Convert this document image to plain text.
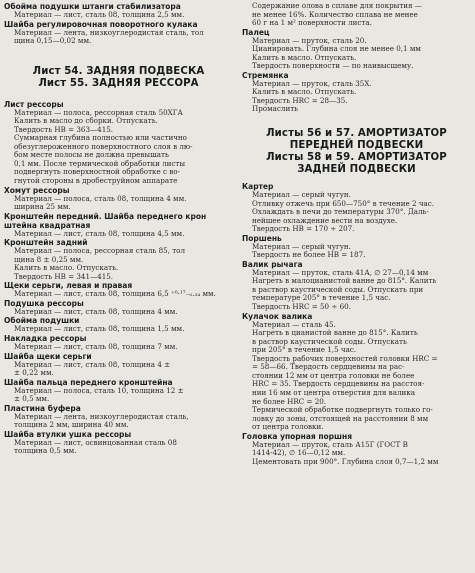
Обойма подушки штанги стабилизатора
Материал — лист, сталь 08, толщина 2,5 мм.
Шайба регулировочная поворотного кулака
Материал — лента, низкоуглеродистая сталь, тол
щина 0,15—0,02 мм.
Лист 54. ЗАДНЯЯ ПОДВЕСКА
Лист 55. ЗАДНЯЯ РЕССОРА
Лист рессоры
Материал — полоса, рессорная сталь 50ХГА
Калить в масло до сборки. Отпускать.
Твердость HB = 363—415.
Суммарная глубина полностью или частично
обезуглероженного поверхностного слоя в лю-
бом месте полосы не должна превышать
0,1 мм. После термической обработки листы
подвергнуть поверхностной обработке с во-
гнутой стороны в дробеструйном аппарате
Хомут рессоры
Материал — полоса, сталь 08, толщина 4 мм.
ширина 25 мм.
Кронштейн передний. Шайба переднего крон
штейна квадратная
Материал — лист, сталь 08, толщина 4,5 мм.
Кронштейн задний
Материал — полоса, рессорная сталь 85, тол
щина 8 ± 0,25 мм.
Калить в масло. Отпускать.
Твердость HB = 341—415.
Щеки серьги, левая и правая
Материал — лист, сталь 08, толщина 6,5 ⁺⁰·¹⁷₋₀.₃₄ мм.
Подушка рессоры
Материал — лист, сталь 08, толщина 4 мм.
Обойма подушки
Материал — лист, сталь 08, толщина 1,5 мм.
Накладка рессоры
Материал — лист, сталь 08, толщина 7 мм.
Шайба щеки серьги
Материал — лист, сталь 08, толщина 4 ±
± 0,22 мм.
Шайба пальца переднего кронштейна
Материал — полоса, сталь 10, толщина 12 ±
± 0,5 мм.
Пластина буфера
Материал — лента, низкоуглеродистая сталь,
толщина 2 мм, ширина 40 мм.
Шайба втулки ушка рессоры
Материал — лист, освинцованная сталь 08
толщина 0,5 мм.
Содержание олова в сплаве для покрытия —
не менее 16%. Количество сплава не менее
60 г на 1 м² поверхности листа.
Палец
Материал — пруток, сталь 20.
Цианировать. Глубина слоя не менее 0,1 мм
Калить в масло. Отпускать.
Твердость поверхности — по наивысшему.
Стремянка
Материал — пруток, сталь 35Х.
Калить в масло. Отпускать.
Твердость HRC = 28—35.
Промаслить
Листы 56 и 57. АМОРТИЗАТОР
ПЕРЕДНЕЙ ПОДВЕСКИ
Листы 58 и 59. АМОРТИЗАТОР
ЗАДНЕЙ ПОДВЕСКИ
Картер
Материал — серый чугун.
Отливку отжечь при 650—750° в течение 2 час.
Охлаждать в печи до температуры 370°. Даль-
нейшее охлаждение вести на воздухе.
Твердость HB = 170 ÷ 207.
Поршень
Материал — серый чугун.
Твердость не более HB = 187.
Валик рычага
Материал — пруток, сталь 41А, ∅ 27—0,14 мм
Нагреть в малоцианистой ванне до 815°. Калить
в раствор каустической соды. Отпускать при
температуре 205° в течение 1,5 час.
Твердость HRC = 50 ÷ 60.
Кулачок валика
Материал — сталь 45.
Нагреть в цианистой ванне до 815°. Калить
в раствор каустической соды. Отпускать
при 205° в течение 1,5 час.
Твердость рабочих поверхностей головки HRC =
= 58—66. Твердость сердцевины на рас-
стоянии 12 мм от центра головки не более
HRC = 35. Твердость сердцевины на расстоя-
нии 16 мм от центра отверстия для валика
не более HRC = 20.
Термической обработке подвергнуть только го-
ловку до зоны, отстоящей на расстоянии 8 мм
от центра головки.
Головка упорная поршня
Материал — пруток, сталь А15Г (ГОСТ В
1414-42), ∅ 16—0,12 мм.
Цементовать при 900°. Глубина слоя 0,7—1,2 мм
